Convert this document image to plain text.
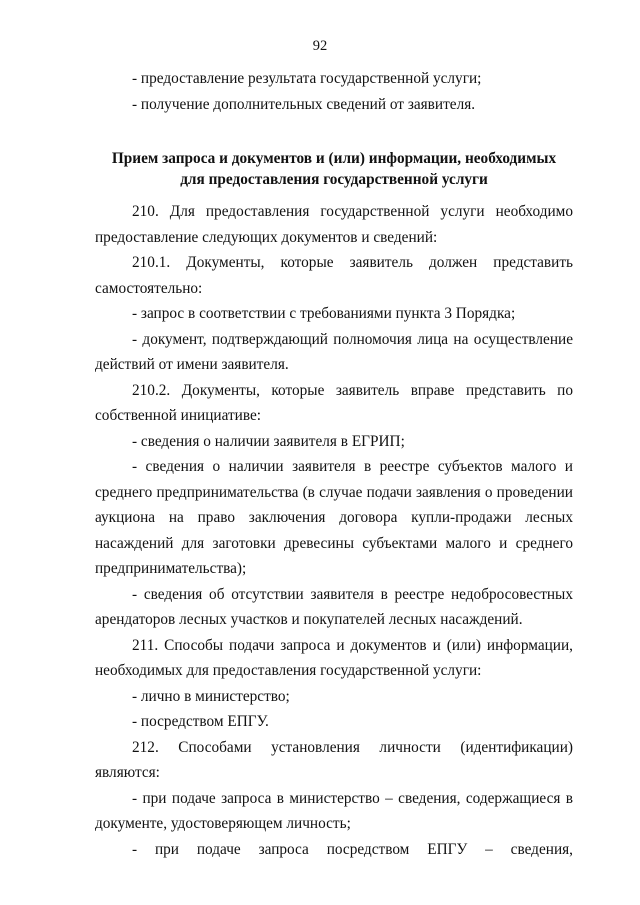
92

- предоставление результата государственной услуги;

- получение дополнительных сведений от заявителя.

Прием запроса и документов и (или) информации, необходимых
для предоставления государственной услуги

210. Для предоставления государственной услуги необходимо предоставление следующих документов и сведений:

210.1. Документы, которые заявитель должен представить самостоятельно:

- запрос в соответствии с требованиями пункта 3 Порядка;

- документ, подтверждающий полномочия лица на осуществление действий от имени заявителя.

210.2. Документы, которые заявитель вправе представить по собственной инициативе:

- сведения о наличии заявителя в ЕГРИП;

- сведения о наличии заявителя в реестре субъектов малого и среднего предпринимательства (в случае подачи заявления о проведении аукциона на право заключения договора купли-продажи лесных насаждений для заготовки древесины субъектами малого и среднего предпринимательства);

- сведения об отсутствии заявителя в реестре недобросовестных арендаторов лесных участков и покупателей лесных насаждений.

211. Способы подачи запроса и документов и (или) информации, необходимых для предоставления государственной услуги:

- лично в министерство;

- посредством ЕПГУ.

212. Способами установления личности (идентификации) являются:

- при подаче запроса в министерство – сведения, содержащиеся в документе, удостоверяющем личность;

- при подаче запроса посредством ЕПГУ – сведения,
